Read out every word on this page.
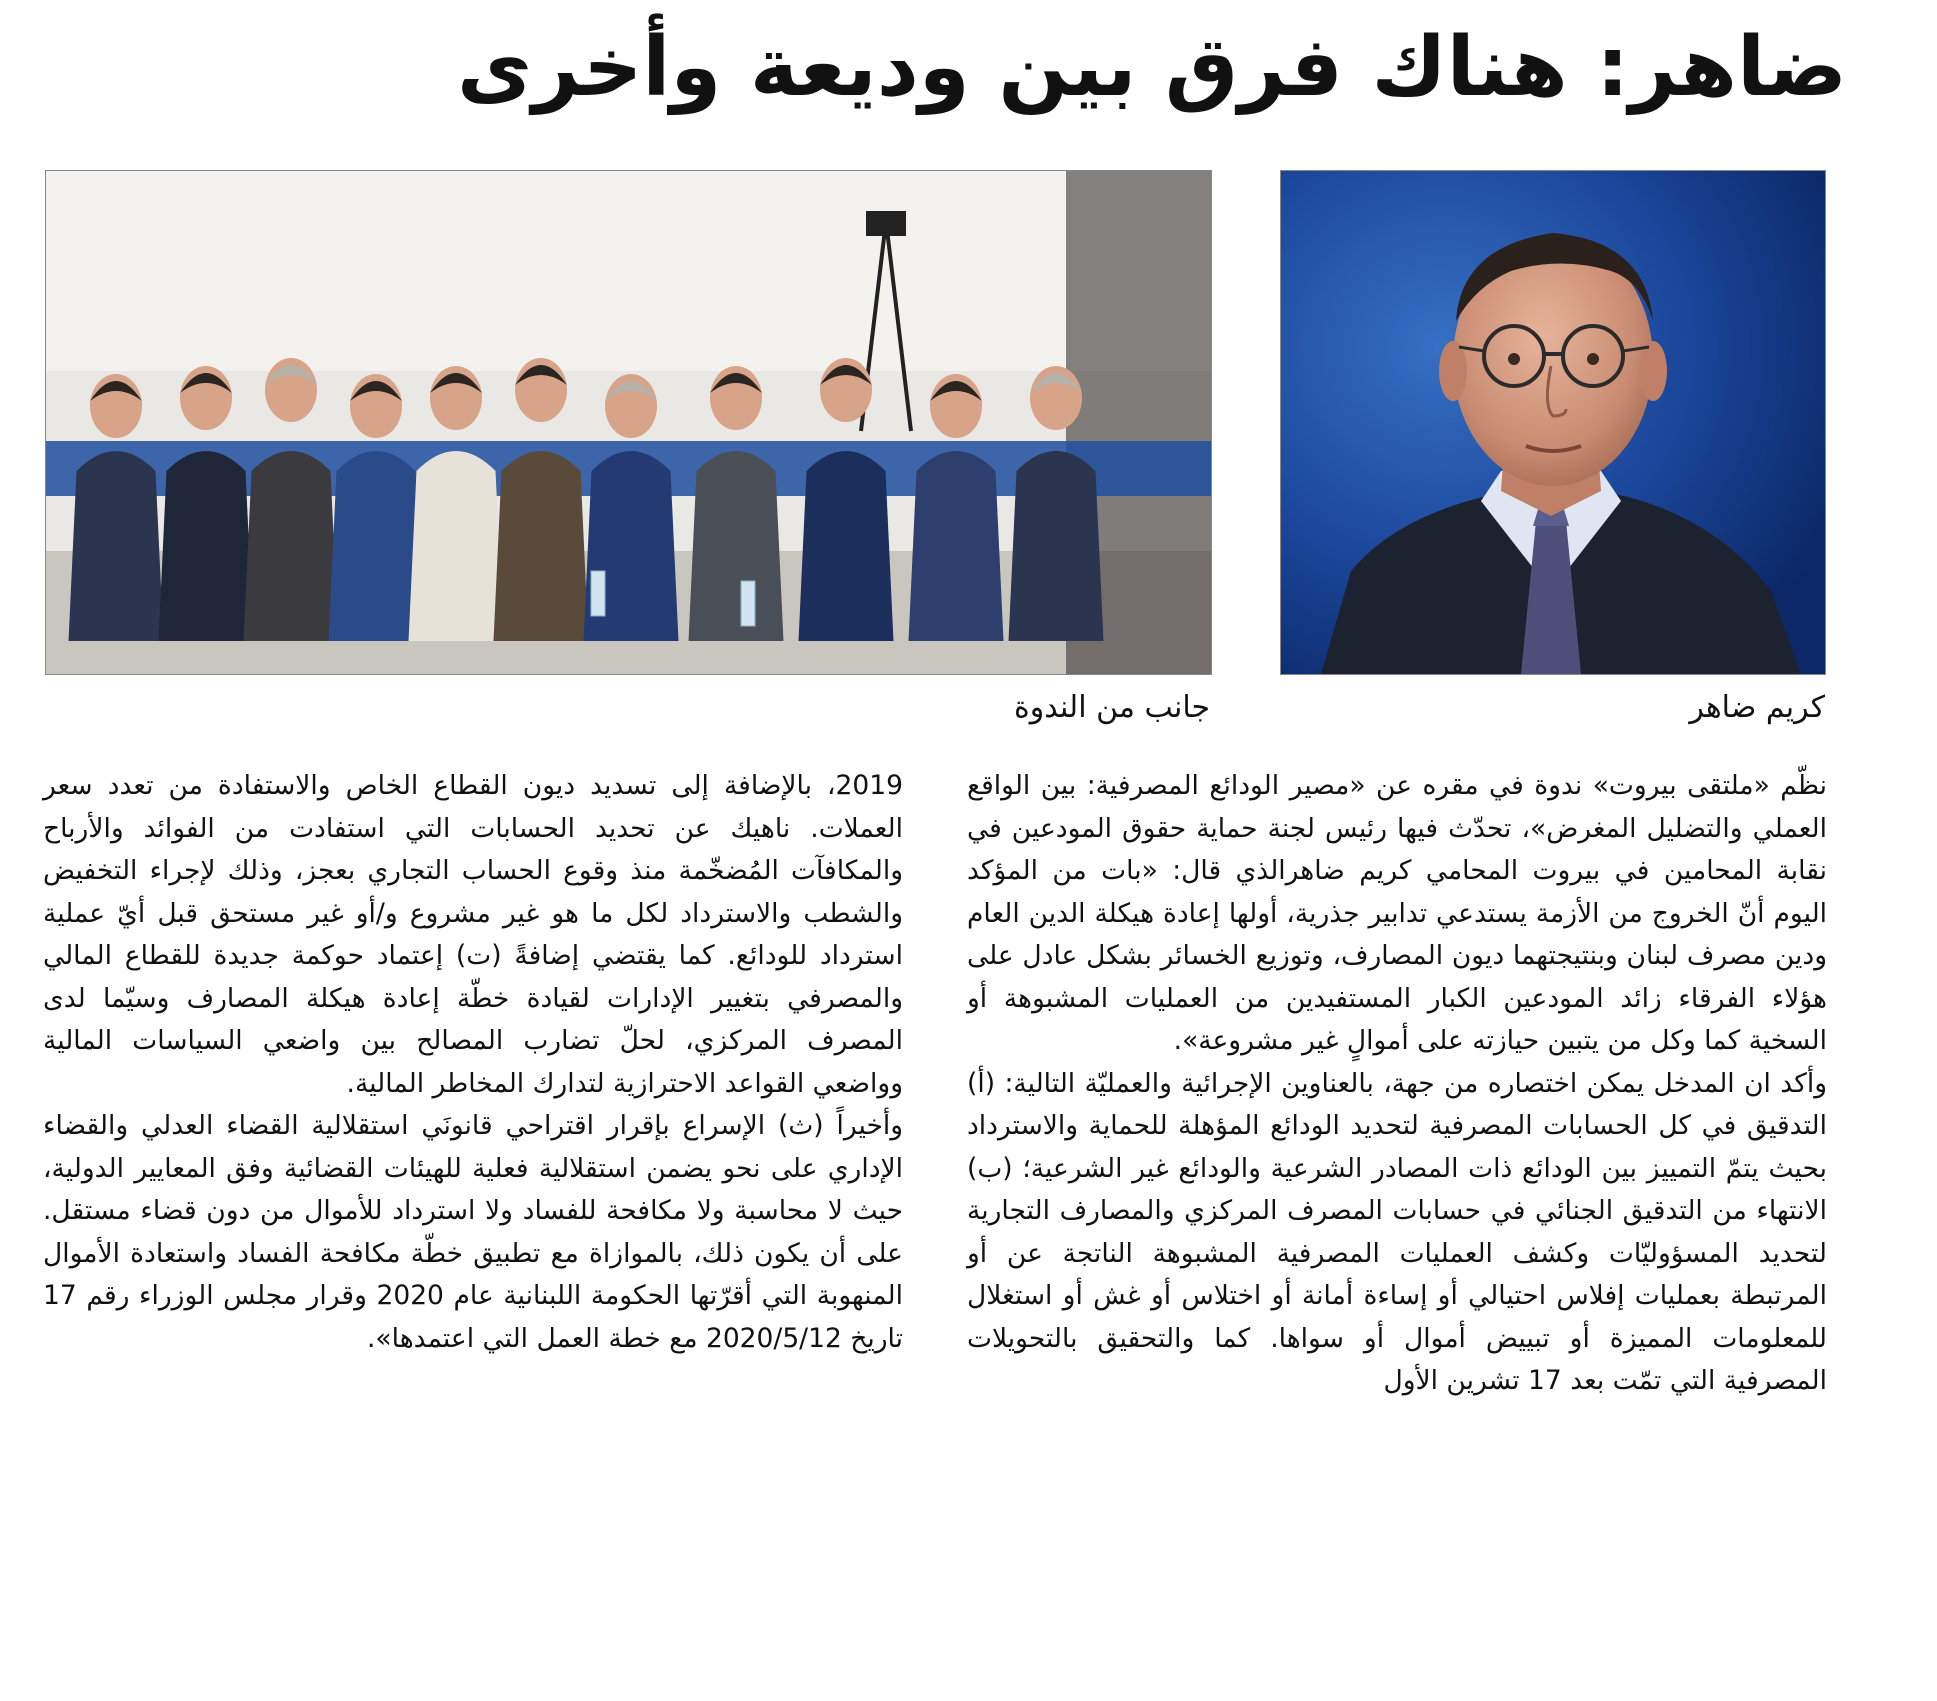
ضاهر: هناك فرق بين وديعة وأخرى

كريم ضاهر

جانب من الندوة

نظّم «ملتقى بيروت» ندوة في مقره عن «مصير الودائع المصرفية: بين الواقع العملي والتضليل المغرض»، تحدّث فيها رئيس لجنة حماية حقوق المودعين في نقابة المحامين في بيروت المحامي كريم ضاهرالذي قال: «بات من المؤكد اليوم أنّ الخروج من الأزمة يستدعي تدابير جذرية، أولها إعادة هيكلة الدين العام ودين مصرف لبنان وبنتيجتهما ديون المصارف، وتوزيع الخسائر بشكل عادل على هؤلاء الفرقاء زائد المودعين الكبار المستفيدين من العمليات المشبوهة أو السخية كما وكل من يتبين حيازته على أموالٍ غير مشروعة».

وأكد ان المدخل يمكن اختصاره من جهة، بالعناوين الإجرائية والعمليّة التالية: (أ) التدقيق في كل الحسابات المصرفية لتحديد الودائع المؤهلة للحماية والاسترداد بحيث يتمّ التمييز بين الودائع ذات المصادر الشرعية والودائع غير الشرعية؛ (ب) الانتهاء من التدقيق الجنائي في حسابات المصرف المركزي والمصارف التجارية لتحديد المسؤوليّات وكشف العمليات المصرفية المشبوهة الناتجة عن أو المرتبطة بعمليات إفلاس احتيالي أو إساءة أمانة أو اختلاس أو غش أو استغلال للمعلومات المميزة أو تبييض أموال أو سواها. كما والتحقيق بالتحويلات المصرفية التي تمّت بعد 17 تشرين الأول

2019، بالإضافة إلى تسديد ديون القطاع الخاص والاستفادة من تعدد سعر العملات. ناهيك عن تحديد الحسابات التي استفادت من الفوائد والأرباح والمكافآت المُضخّمة منذ وقوع الحساب التجاري بعجز، وذلك لإجراء التخفيض والشطب والاسترداد لكل ما هو غير مشروع و/أو غير مستحق قبل أيّ عملية استرداد للودائع. كما يقتضي إضافةً (ت) إعتماد حوكمة جديدة للقطاع المالي والمصرفي بتغيير الإدارات لقيادة خطّة إعادة هيكلة المصارف وسيّما لدى المصرف المركزي، لحلّ تضارب المصالح بين واضعي السياسات المالية وواضعي القواعد الاحترازية لتدارك المخاطر المالية.

وأخيراً (ث) الإسراع بإقرار اقتراحي قانونَي استقلالية القضاء العدلي والقضاء الإداري على نحو يضمن استقلالية فعلية للهيئات القضائية وفق المعايير الدولية، حيث لا محاسبة ولا مكافحة للفساد ولا استرداد للأموال من دون قضاء مستقل. على أن يكون ذلك، بالموازاة مع تطبيق خطّة مكافحة الفساد واستعادة الأموال المنهوبة التي أقرّتها الحكومة اللبنانية عام 2020 وقرار مجلس الوزراء رقم 17 تاريخ 2020/5/12 مع خطة العمل التي اعتمدها».
